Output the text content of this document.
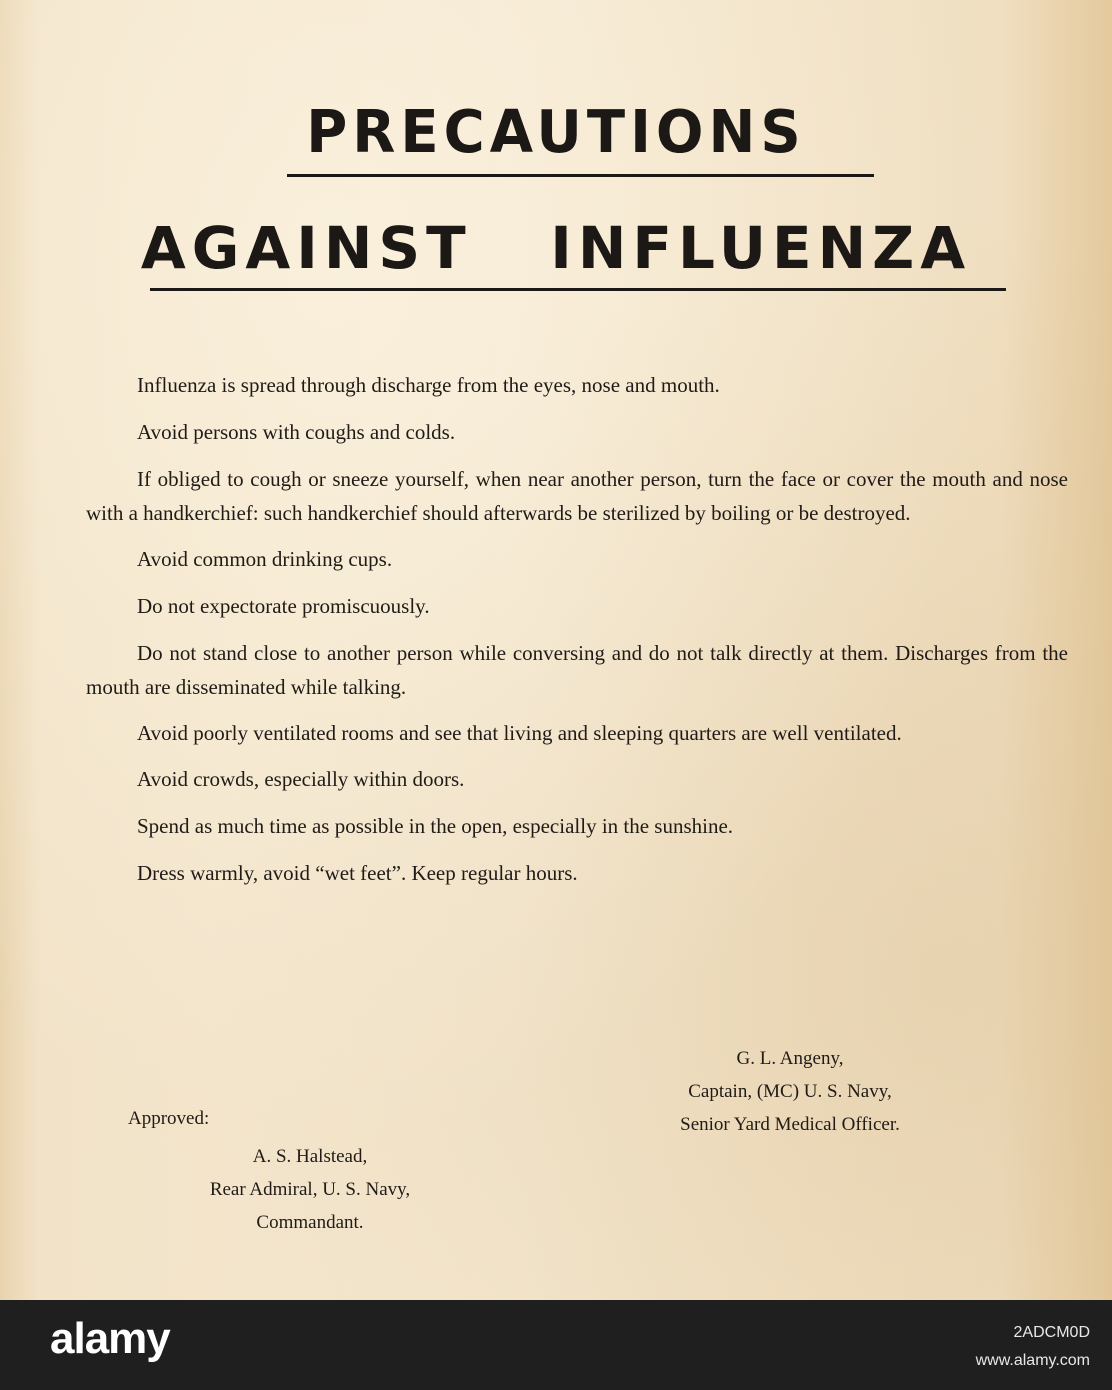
PRECAUTIONS
AGAINST   INFLUENZA

Influenza is spread through discharge from the eyes, nose and mouth.

Avoid persons with coughs and colds.

If obliged to cough or sneeze yourself, when near another person, turn the face or cover the mouth and nose with a handkerchief: such handkerchief should afterwards be sterilized by boiling or be destroyed.

Avoid common drinking cups.

Do not expectorate promiscuously.

Do not stand close to another person while conversing and do not talk directly at them. Discharges from the mouth are disseminated while talking.

Avoid poorly ventilated rooms and see that living and sleeping quarters are well ventilated.

Avoid crowds, especially within doors.

Spend as much time as possible in the open, especially in the sunshine.

Dress warmly, avoid “wet feet”. Keep regular hours.

G. L. Angeny,
Captain, (MC) U. S. Navy,
Senior Yard Medical Officer.
Approved:
A. S. Halstead,
Rear Admiral, U. S. Navy,
Commandant.
alamy	2ADCM0D
www.alamy.com
